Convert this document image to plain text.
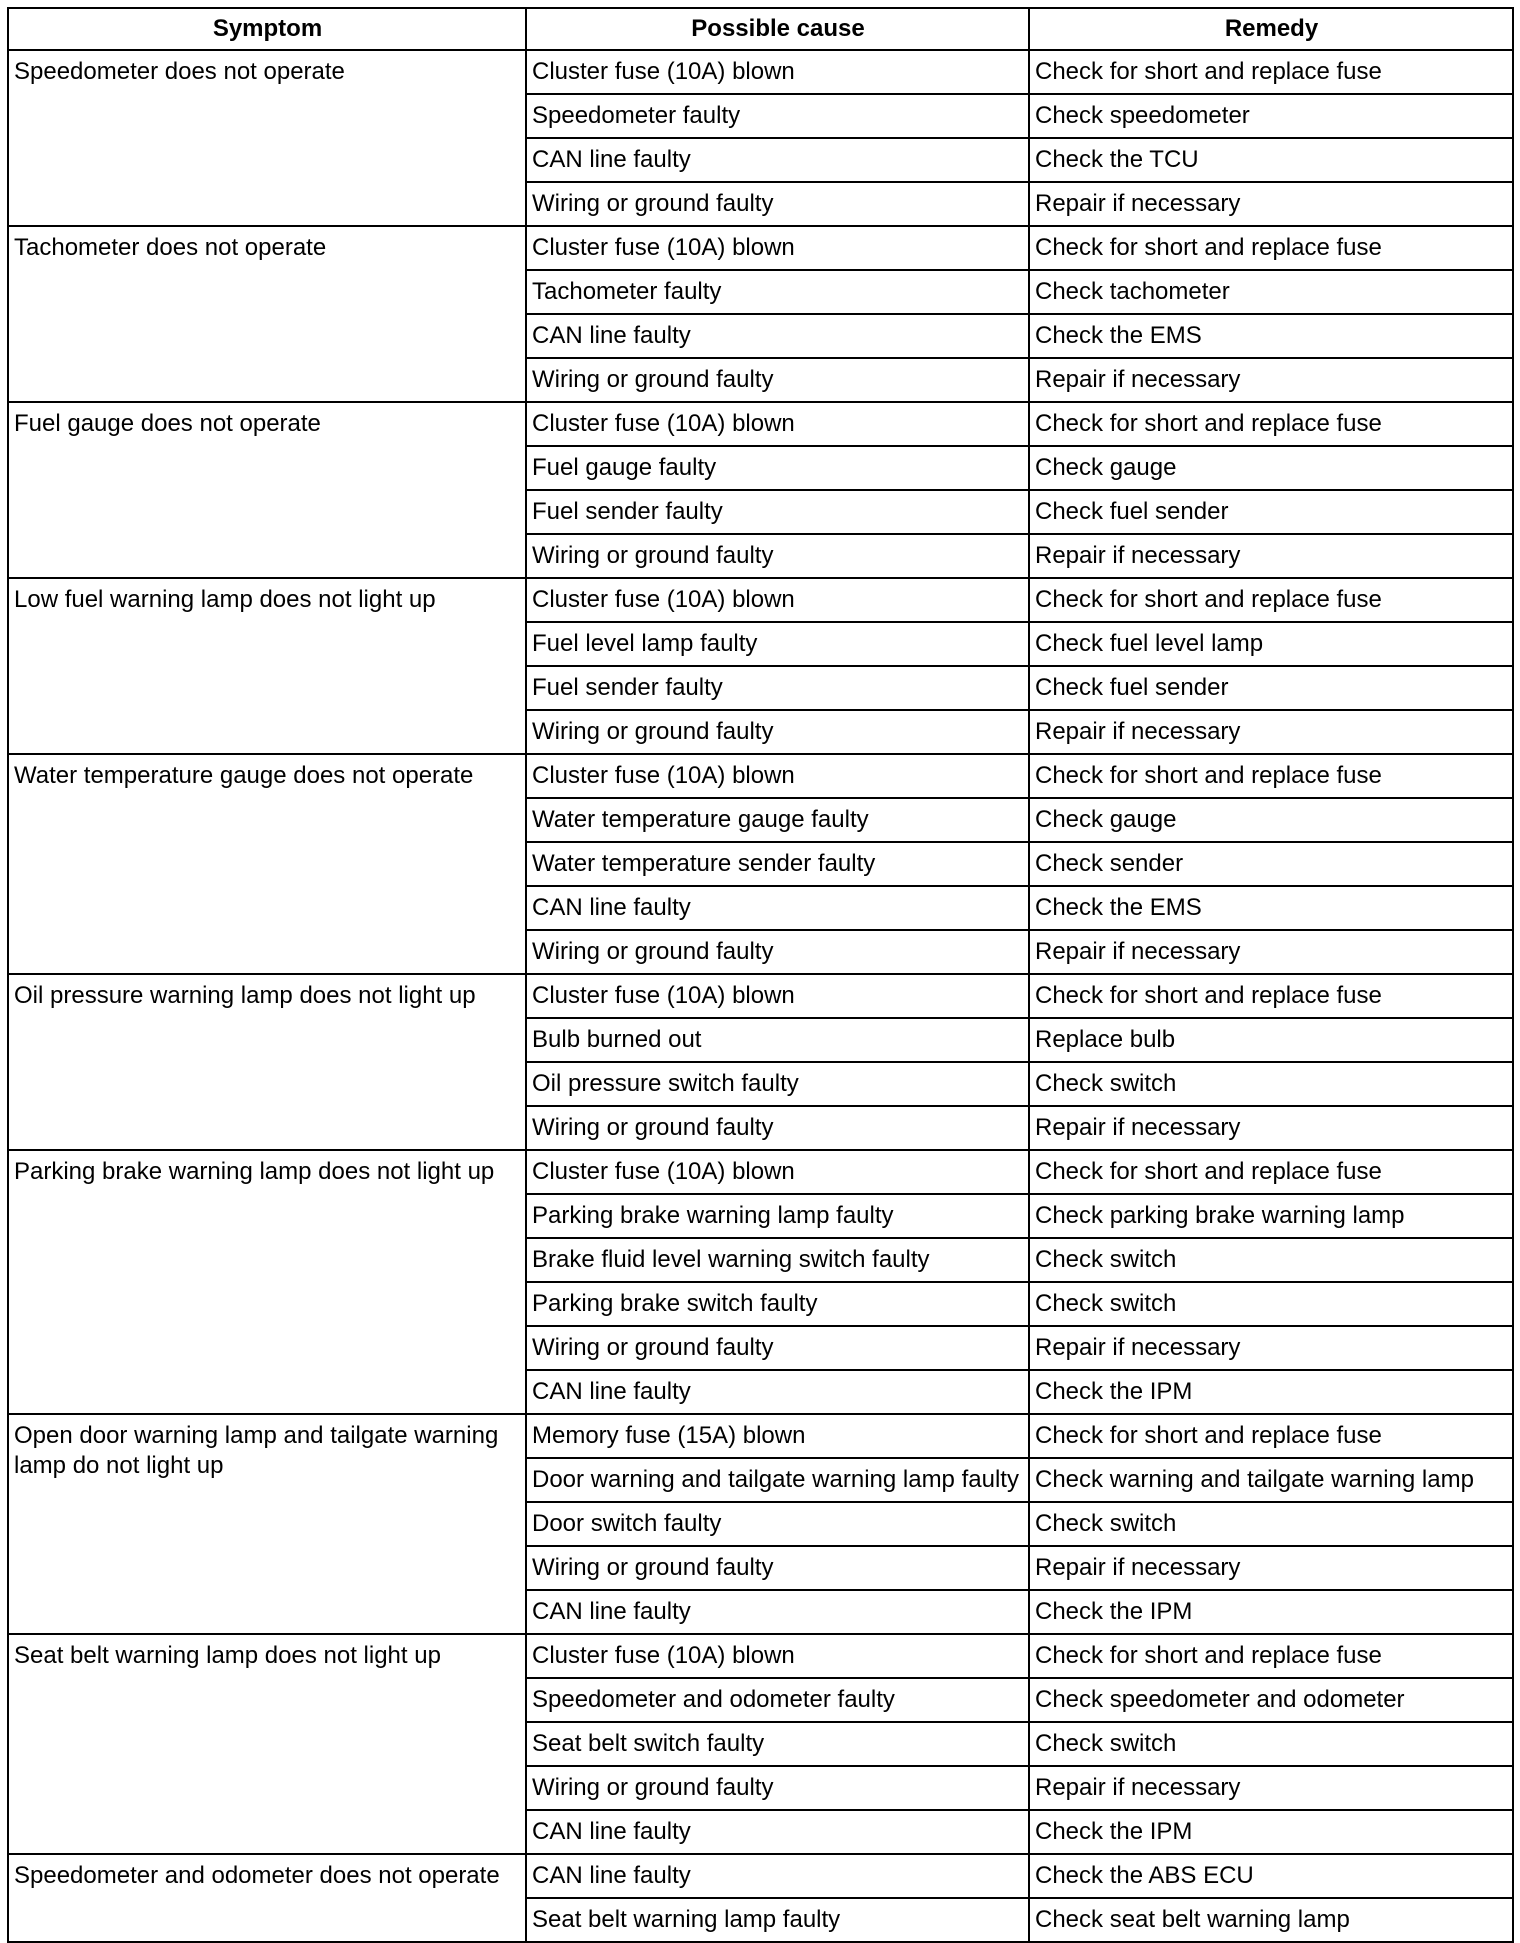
Symptom	Possible cause	Remedy
Speedometer does not operate	Cluster fuse (10A) blown	Check for short and replace fuse
	Speedometer faulty	Check speedometer
	CAN line faulty	Check the TCU
	Wiring or ground faulty	Repair if necessary
Tachometer does not operate	Cluster fuse (10A) blown	Check for short and replace fuse
	Tachometer faulty	Check tachometer
	CAN line faulty	Check the EMS
	Wiring or ground faulty	Repair if necessary
Fuel gauge does not operate	Cluster fuse (10A) blown	Check for short and replace fuse
	Fuel gauge faulty	Check gauge
	Fuel sender faulty	Check fuel sender
	Wiring or ground faulty	Repair if necessary
Low fuel warning lamp does not light up	Cluster fuse (10A) blown	Check for short and replace fuse
	Fuel level lamp faulty	Check fuel level lamp
	Fuel sender faulty	Check fuel sender
	Wiring or ground faulty	Repair if necessary
Water temperature gauge does not operate	Cluster fuse (10A) blown	Check for short and replace fuse
	Water temperature gauge faulty	Check gauge
	Water temperature sender faulty	Check sender
	CAN line faulty	Check the EMS
	Wiring or ground faulty	Repair if necessary
Oil pressure warning lamp does not light up	Cluster fuse (10A) blown	Check for short and replace fuse
	Bulb burned out	Replace bulb
	Oil pressure switch faulty	Check switch
	Wiring or ground faulty	Repair if necessary
Parking brake warning lamp does not light up	Cluster fuse (10A) blown	Check for short and replace fuse
	Parking brake warning lamp faulty	Check parking brake warning lamp
	Brake fluid level warning switch faulty	Check switch
	Parking brake switch faulty	Check switch
	Wiring or ground faulty	Repair if necessary
	CAN line faulty	Check the IPM
Open door warning lamp and tailgate warning lamp do not light up	Memory fuse (15A) blown	Check for short and replace fuse
	Door warning and tailgate warning lamp faulty	Check warning and tailgate warning lamp
	Door switch faulty	Check switch
	Wiring or ground faulty	Repair if necessary
	CAN line faulty	Check the IPM
Seat belt warning lamp does not light up	Cluster fuse (10A) blown	Check for short and replace fuse
	Speedometer and odometer faulty	Check speedometer and odometer
	Seat belt switch faulty	Check switch
	Wiring or ground faulty	Repair if necessary
	CAN line faulty	Check the IPM
Speedometer and odometer does not operate	CAN line faulty	Check the ABS ECU
	Seat belt warning lamp faulty	Check seat belt warning lamp
